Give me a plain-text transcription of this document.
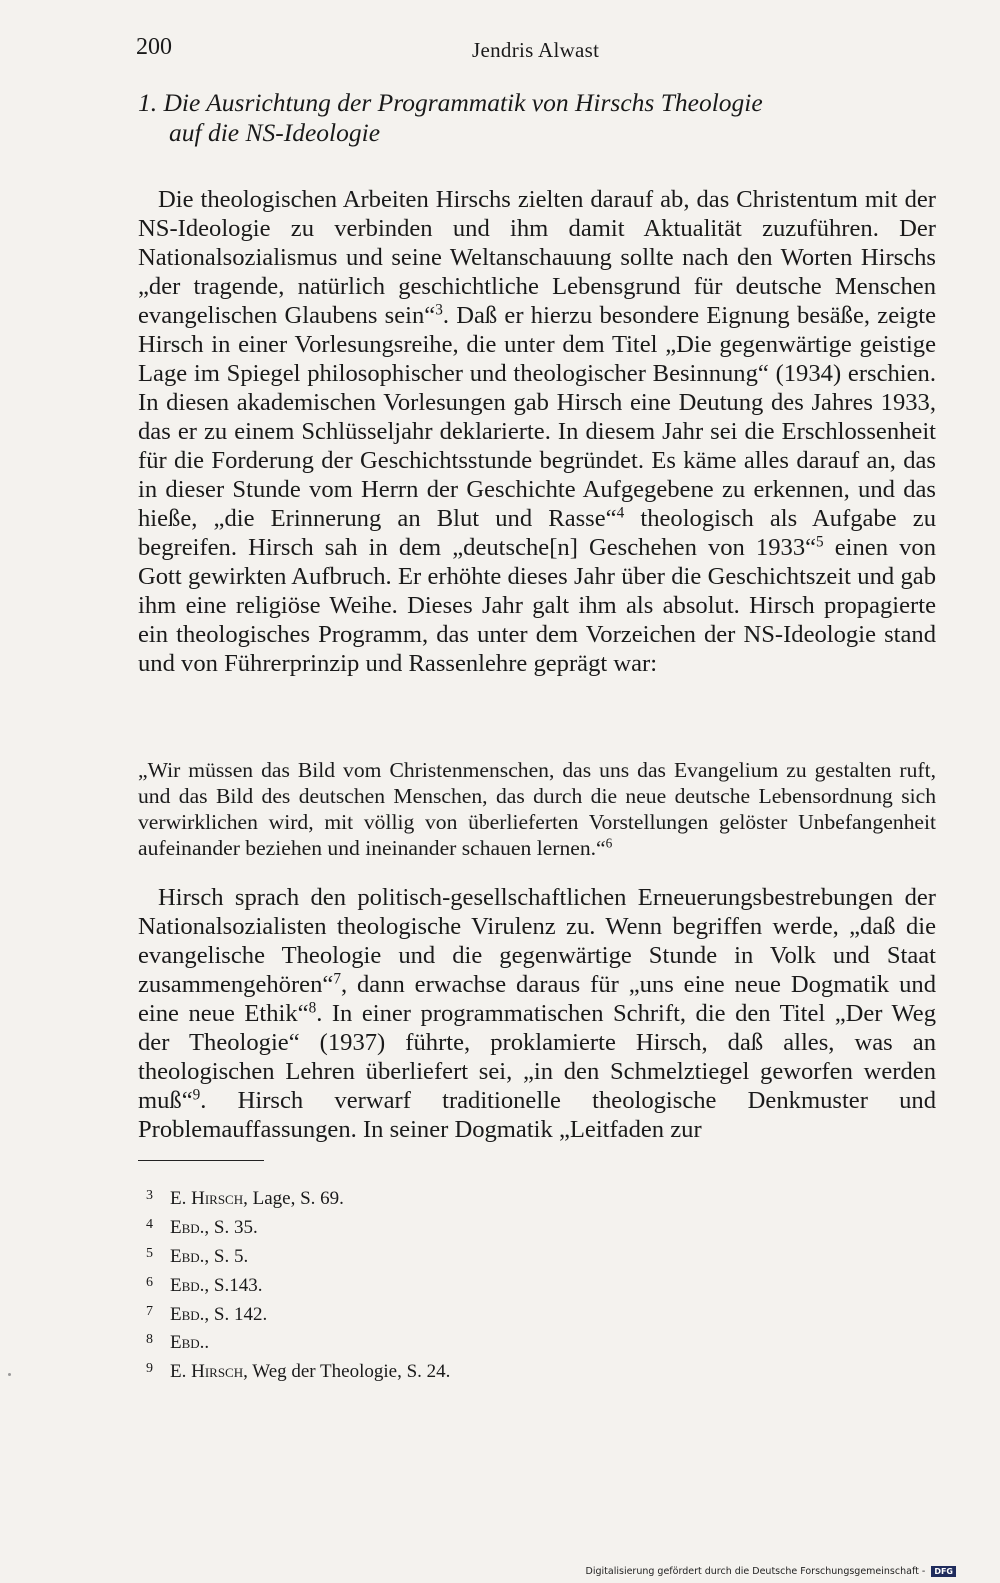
200	Jendris Alwast
1. Die Ausrichtung der Programmatik von Hirschs Theologie
auf die NS-Ideologie

Die theologischen Arbeiten Hirschs zielten darauf ab, das Christentum mit der NS-Ideologie zu verbinden und ihm damit Aktualität zuzuführen. Der Nationalsozialismus und seine Weltanschauung sollte nach den Worten Hirschs „der tragende, natürlich geschichtliche Lebensgrund für deutsche Menschen evangelischen Glaubens sein“$^3$. Daß er hierzu besondere Eignung besäße, zeigte Hirsch in einer Vorlesungsreihe, die unter dem Titel „Die gegenwärtige geistige Lage im Spiegel philosophischer und theologischer Besinnung“ (1934) erschien. In diesen akademischen Vorlesungen gab Hirsch eine Deutung des Jahres 1933, das er zu einem Schlüsseljahr deklarierte. In diesem Jahr sei die Erschlossenheit für die Forderung der Geschichtsstunde begründet. Es käme alles darauf an, das in dieser Stunde vom Herrn der Geschichte Aufgegebene zu erkennen, und das hieße, „die Erinnerung an Blut und Rasse“$^4$ theologisch als Aufgabe zu begreifen. Hirsch sah in dem „deutsche[n] Geschehen von 1933“$^5$ einen von Gott gewirkten Aufbruch. Er erhöhte dieses Jahr über die Geschichtszeit und gab ihm eine religiöse Weihe. Dieses Jahr galt ihm als absolut. Hirsch propagierte ein theologisches Programm, das unter dem Vorzeichen der NS-Ideologie stand und von Führerprinzip und Rassenlehre geprägt war:

„Wir müssen das Bild vom Christenmenschen, das uns das Evangelium zu gestalten ruft, und das Bild des deutschen Menschen, das durch die neue deutsche Lebensordnung sich verwirklichen wird, mit völlig von überlieferten Vorstellungen gelöster Unbefangenheit aufeinander beziehen und ineinander schauen lernen.“$^6$

Hirsch sprach den politisch-gesellschaftlichen Erneuerungsbestrebungen der Nationalsozialisten theologische Virulenz zu. Wenn begriffen werde, „daß die evangelische Theologie und die gegenwärtige Stunde in Volk und Staat zusammengehören“$^7$, dann erwachse daraus für „uns eine neue Dogmatik und eine neue Ethik“$^8$. In einer programmatischen Schrift, die den Titel „Der Weg der Theologie“ (1937) führte, proklamierte Hirsch, daß alles, was an theologischen Lehren überliefert sei, „in den Schmelztiegel geworfen werden muß“$^9$. Hirsch verwarf traditionelle theologische Denkmuster und Problemauffassungen. In seiner Dogmatik „Leitfaden zur

3 E. Hirsch, Lage, S. 69.
4 Ebd., S. 35.
5 Ebd., S. 5.
6 Ebd., S.143.
7 Ebd., S. 142.
8 Ebd..
9 E. Hirsch, Weg der Theologie, S. 24.
Digitalisierung gefördert durch die Deutsche Forschungsgemeinschaft - DFG
